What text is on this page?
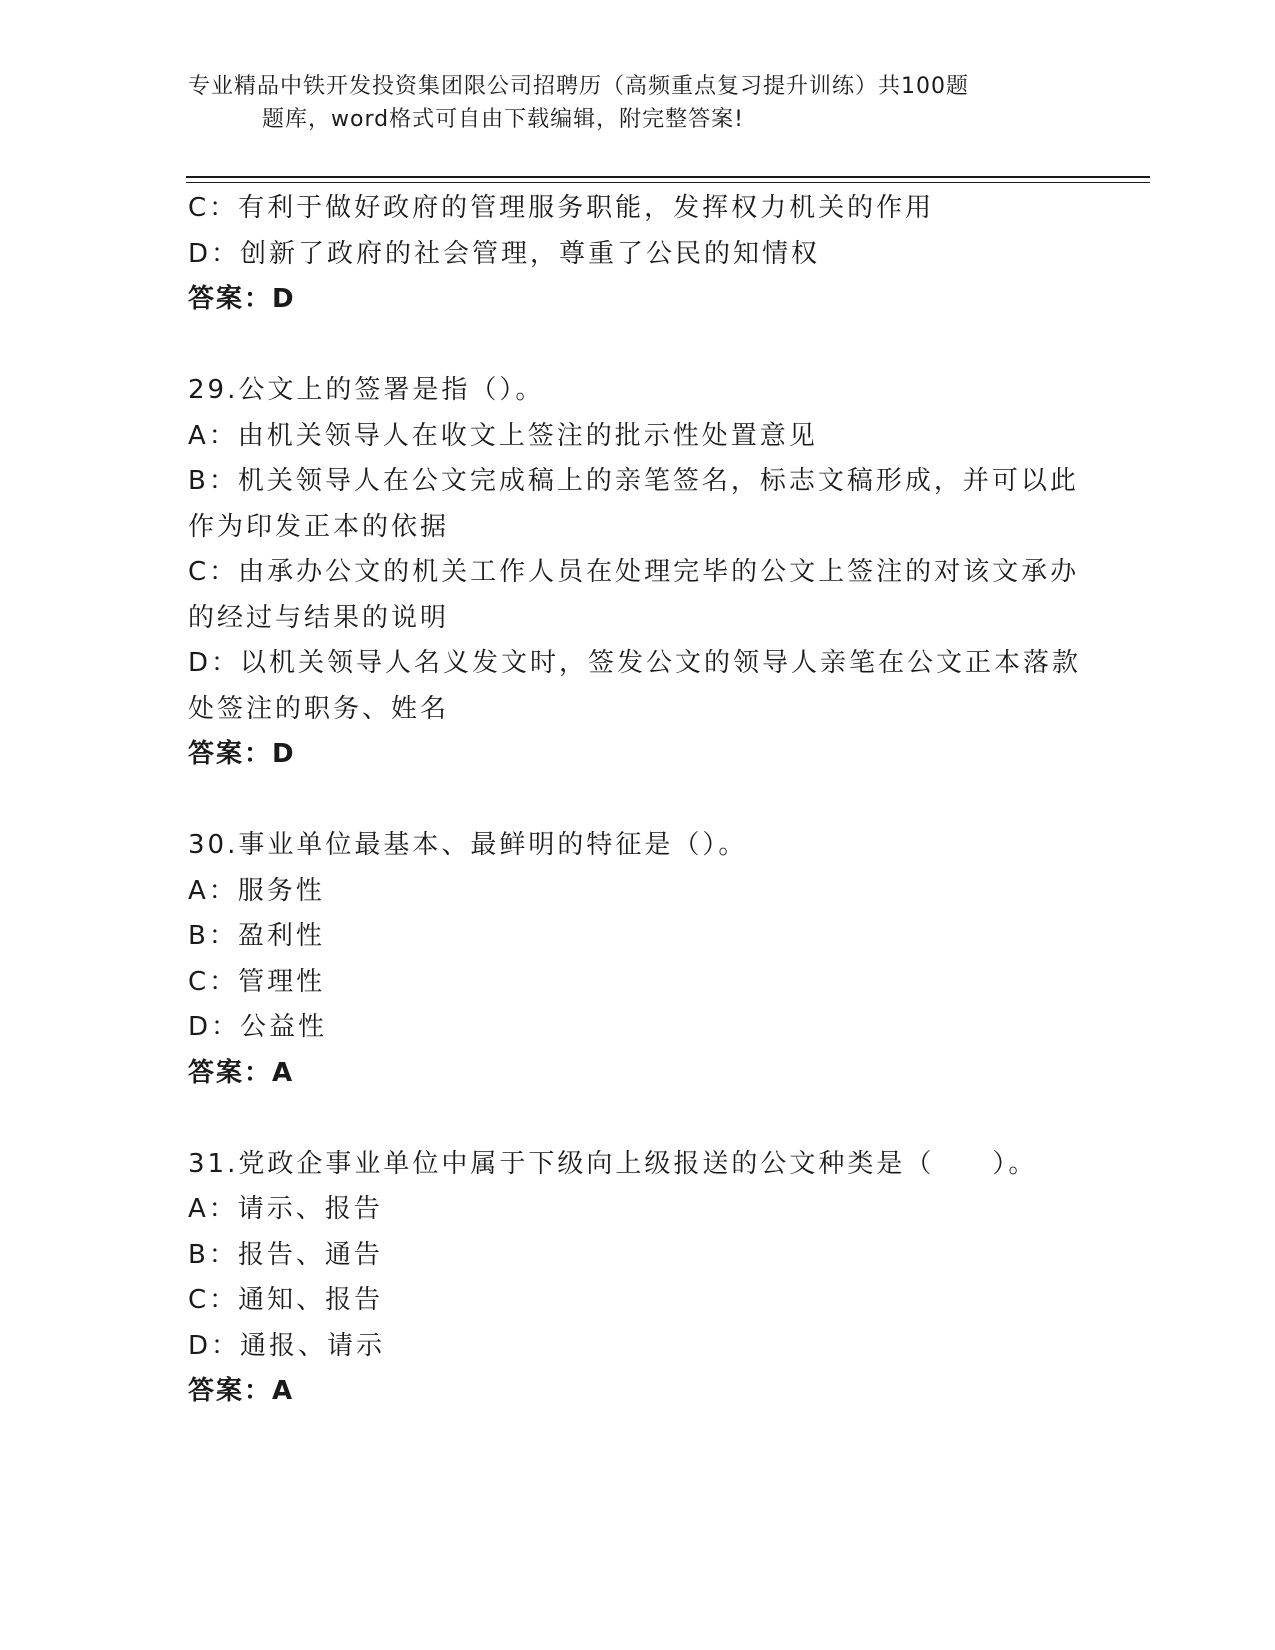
专业精品中铁开发投资集团限公司招聘历（高频重点复习提升训练）共100题
题库，word格式可自由下载编辑，附完整答案!
C：有利于做好政府的管理服务职能，发挥权力机关的作用
D：创新了政府的社会管理，尊重了公民的知情权
答案：D
29.公文上的签署是指（）。
A：由机关领导人在收文上签注的批示性处置意见
B：机关领导人在公文完成稿上的亲笔签名，标志文稿形成，并可以此
作为印发正本的依据
C：由承办公文的机关工作人员在处理完毕的公文上签注的对该文承办
的经过与结果的说明
D：以机关领导人名义发文时，签发公文的领导人亲笔在公文正本落款
处签注的职务、姓名
答案：D
30.事业单位最基本、最鲜明的特征是（）。
A：服务性
B：盈利性
C：管理性
D：公益性
答案：A
31.党政企事业单位中属于下级向上级报送的公文种类是（　　）。
A：请示、报告
B：报告、通告
C：通知、报告
D：通报、请示
答案：A
